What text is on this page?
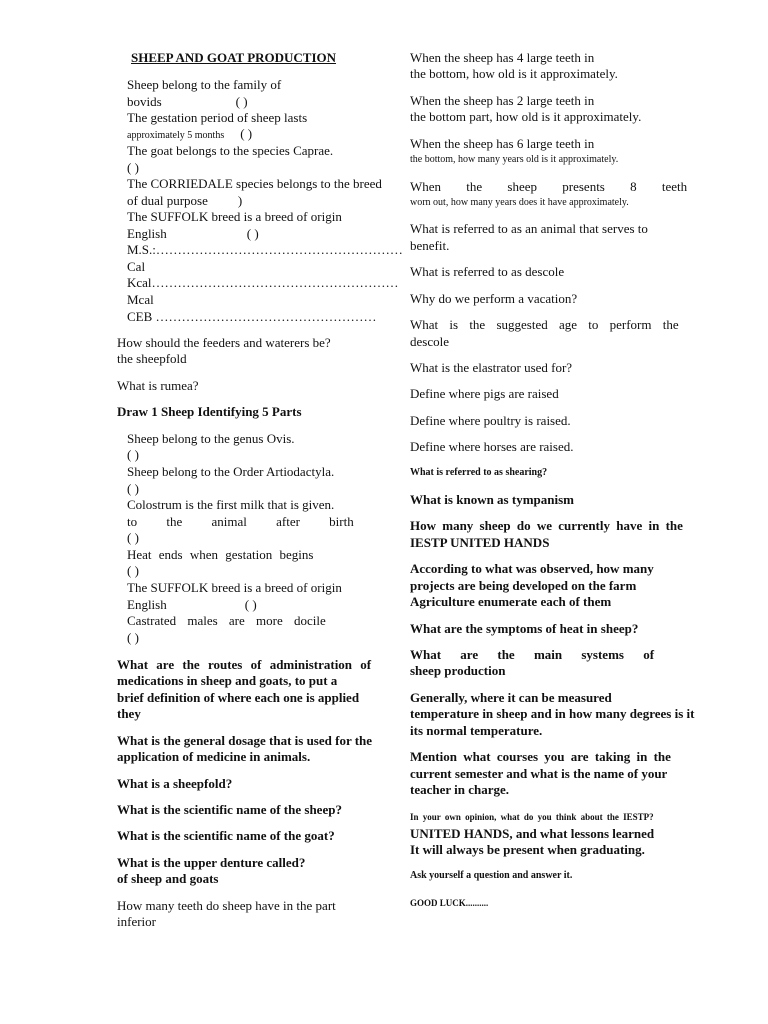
SHEEP AND GOAT PRODUCTION
Sheep belong to the family of
bovids	( )
The gestation period of sheep lasts
approximately 5 months ( )
The goat belongs to the species Caprae.
( )
The CORRIEDALE species belongs to the breed
of dual purpose )
The SUFFOLK breed is a breed of origin
English	( )
M.S.:…………………………………………………
Cal
Kcal…………………………………………………
Mcal
CEB ……………………………………………
How should the feeders and waterers be?
the sheepfold
What is rumea?
Draw 1 Sheep Identifying 5 Parts
Sheep belong to the genus Ovis.
( )
Sheep belong to the Order Artiodactyla.
( )
Colostrum is the first milk that is given.
to the animal after birth
( )
Heat ends when gestation begins
( )
The SUFFOLK breed is a breed of origin
English	( )
Castrated males are more docile
( )
What are the routes of administration of
medications in sheep and goats, to put a
brief definition of where each one is applied
they
What is the general dosage that is used for the
application of medicine in animals.
What is a sheepfold?
What is the scientific name of the sheep?
What is the scientific name of the goat?
What is the upper denture called?
of sheep and goats
How many teeth do sheep have in the part
inferior
When the sheep has 4 large teeth in
the bottom, how old is it approximately.
When the sheep has 2 large teeth in
the bottom part, how old is it approximately.
When the sheep has 6 large teeth in
the bottom, how many years old is it approximately.
When the sheep presents 8 teeth
worn out, how many years does it have approximately.
What is referred to as an animal that serves to
benefit.
What is referred to as descole
Why do we perform a vacation?
What is the suggested age to perform the
descole
What is the elastrator used for?
Define where pigs are raised
Define where poultry is raised.
Define where horses are raised.
What is referred to as shearing?
What is known as tympanism
How many sheep do we currently have in the
IESTP UNITED HANDS
According to what was observed, how many
projects are being developed on the farm
Agriculture enumerate each of them
What are the symptoms of heat in sheep?
What are the main systems of
sheep production
Generally, where it can be measured
temperature in sheep and in how many degrees is it
its normal temperature.
Mention what courses you are taking in the
current semester and what is the name of your
teacher in charge.
In your own opinion, what do you think about the IESTP?
UNITED HANDS, and what lessons learned
It will always be present when graduating.
Ask yourself a question and answer it.
GOOD LUCK..........
